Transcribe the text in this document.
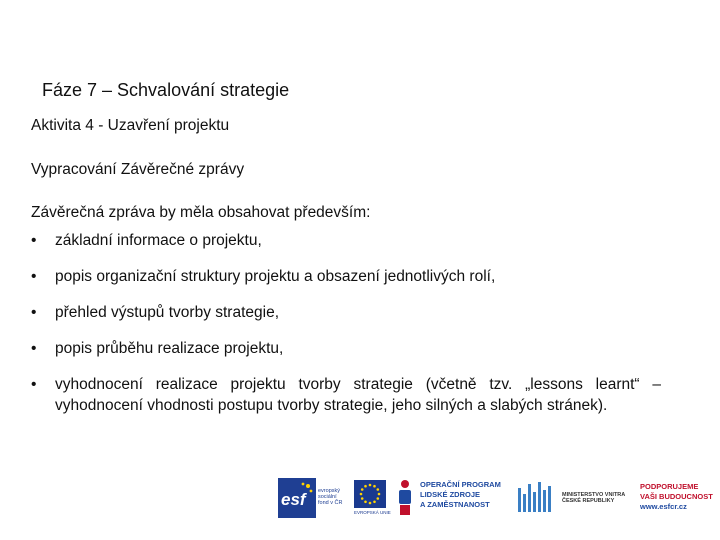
Fáze 7 – Schvalování strategie
Aktivita 4 - Uzavření projektu
Vypracování Závěrečné zprávy
Závěrečná zpráva by měla obsahovat především:
• základní informace o projektu,
• popis organizační struktury projektu a obsazení jednotlivých rolí,
• přehled výstupů tvorby strategie,
• popis průběhu realizace projektu,
• vyhodnocení realizace projektu tvorby strategie (včetně tzv. „lessons learnt“ – vyhodnocení vhodnosti postupu tvorby strategie, jeho silných a slabých stránek).
esf	evropský
sociální
fond v ČR
EVROPSKÁ UNIE
OPERAČNÍ PROGRAM
LIDSKÉ ZDROJE
A ZAMĚSTNANOST
MINISTERSTVO VNITRA
ČESKÉ REPUBLIKY
PODPORUJEME
VAŠI BUDOUCNOST
www.esfcr.cz
